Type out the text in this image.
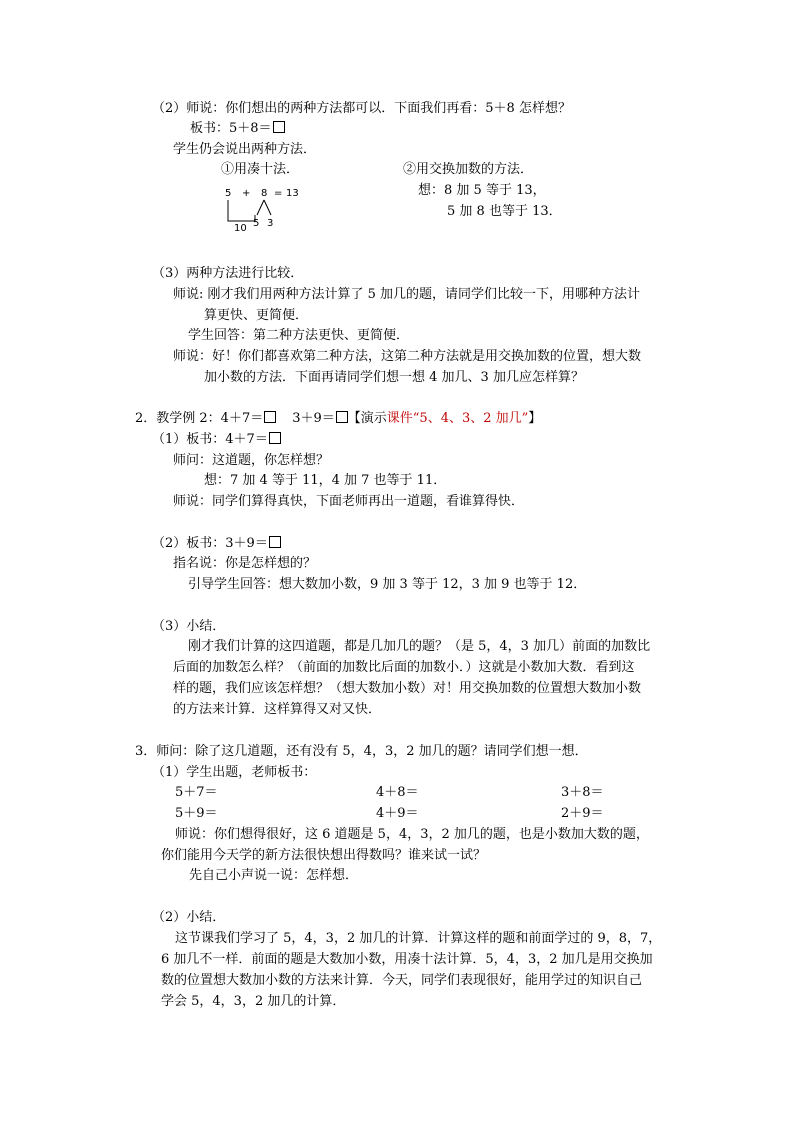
（2）师说：你们想出的两种方法都可以．下面我们再看：5＋8 怎样想？
板书：5＋8＝
学生仍会说出两种方法．
①用凑十法．	②用交换加数的方法．
想：8 加 5 等于 13，
5 加 8 也等于 13．
5 + 8 = 13
10 5 3
（3）两种方法进行比较．
师说: 刚才我们用两种方法计算了 5 加几的题，请同学们比较一下，用哪种方法计
算更快、更简便．
学生回答：第二种方法更快、更简便．
师说：好！你们都喜欢第二种方法，这第二种方法就是用交换加数的位置，想大数
加小数的方法．下面再请同学们想一想 4 加几、3 加几应怎样算？
2．教学例 2：4＋7＝ 3＋9＝ 【演示课件“5、4、3、2 加几”】
（1）板书：4＋7＝
师问：这道题，你怎样想？
想：7 加 4 等于 11，4 加 7 也等于 11．
师说：同学们算得真快，下面老师再出一道题，看谁算得快．
（2）板书：3＋9＝
指名说：你是怎样想的？
引导学生回答：想大数加小数，9 加 3 等于 12，3 加 9 也等于 12．
（3）小结．
刚才我们计算的这四道题，都是几加几的题？（是 5，4，3 加几）前面的加数比
后面的加数怎么样？（前面的加数比后面的加数小．）这就是小数加大数．看到这
样的题，我们应该怎样想？（想大数加小数）对！用交换加数的位置想大数加小数
的方法来计算．这样算得又对又快．
3．师问：除了这几道题，还有没有 5，4，3，2 加几的题？请同学们想一想．
（1）学生出题，老师板书：
5＋7＝	4＋8＝	3＋8＝
5＋9＝	4＋9＝	2＋9＝
师说：你们想得很好，这 6 道题是 5，4，3，2 加几的题，也是小数加大数的题，
你们能用今天学的新方法很快想出得数吗？谁来试一试？
先自己小声说一说：怎样想．
（2）小结．
这节课我们学习了 5，4，3，2 加几的计算．计算这样的题和前面学过的 9，8，7，
6 加几不一样．前面的题是大数加小数，用凑十法计算．5，4，3，2 加几是用交换加
数的位置想大数加小数的方法来计算．今天，同学们表现很好，能用学过的知识自己
学会 5，4，3，2 加几的计算．
